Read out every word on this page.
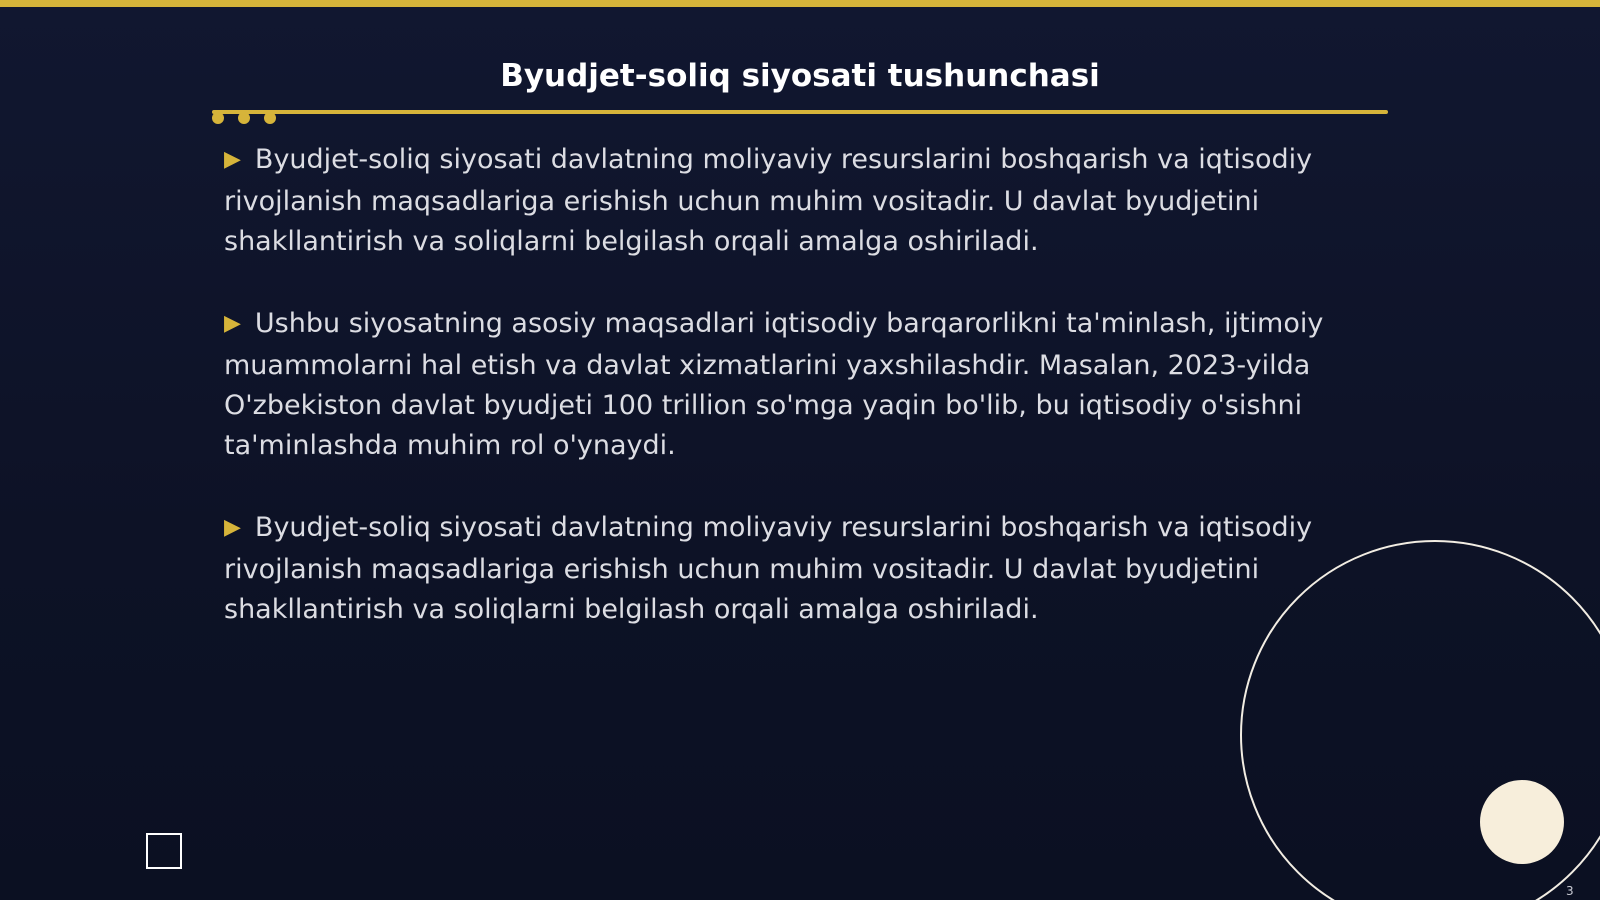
Byudjet-soliq siyosati tushunchasi

▶ Byudjet-soliq siyosati davlatning moliyaviy resurslarini boshqarish va iqtisodiy rivojlanish maqsadlariga erishish uchun muhim vositadir. U davlat byudjetini shakllantirish va soliqlarni belgilash orqali amalga oshiriladi.

▶ Ushbu siyosatning asosiy maqsadlari iqtisodiy barqarorlikni ta'minlash, ijtimoiy muammolarni hal etish va davlat xizmatlarini yaxshilashdir. Masalan, 2023-yilda O'zbekiston davlat byudjeti 100 trillion so'mga yaqin bo'lib, bu iqtisodiy o'sishni ta'minlashda muhim rol o'ynaydi.

▶ Byudjet-soliq siyosati davlatning moliyaviy resurslarini boshqarish va iqtisodiy rivojlanish maqsadlariga erishish uchun muhim vositadir. U davlat byudjetini shakllantirish va soliqlarni belgilash orqali amalga oshiriladi.

3
